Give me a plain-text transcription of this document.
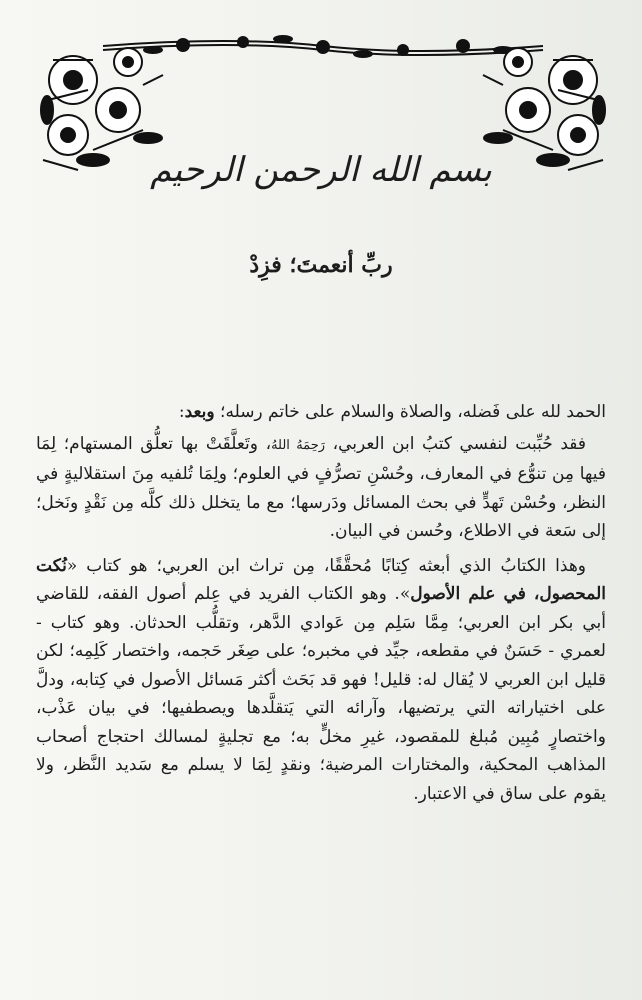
بسم الله الرحمن الرحيم
ربِّ أنعمتَ؛ فزِدْ

الحمد لله على فَضله، والصلاة والسلام على خاتم رسله؛ وبعد:

فقد حُبِّبت لنفسي كتبُ ابن العربي، رَحِمَهُ اللهُ، وتَعلَّقَتْ بها تعلُّق المستهام؛ لِمَا فيها مِن تنوُّع في المعارف، وحُسْنِ تصرُّفٍ في العلوم؛ ولِمَا تُلفيه مِنَ استقلاليةٍ في النظر، وحُسْن تَهدٍّ في بحث المسائل ودَرسها؛ مع ما يتخلل ذلك كلَّه مِن نَقْدٍ ونَخل؛ إلى سَعة في الاطلاع، وحُسن في البيان.

وهذا الكتابُ الذي أبعثه كِتابًا مُحقَّقًا، مِن تراث ابن العربي؛ هو كتاب «نُكت المحصول، في علم الأصول». وهو الكتاب الفريد في عِلم أصول الفقه، للقاضي أبي بكر ابن العربي؛ مِمَّا سَلِم مِن عَوادي الدَّهر، وتقلُّب الحدثان. وهو كتاب - لعمري - حَسَنٌ في مقطعه، جيِّد في مخبره؛ على صِغَر حَجمه، واختصار كَلِمِه؛ لكن قليل ابن العربي لا يُقال له: قليل! فهو قد بَحَث أكثر مَسائل الأصول في كِتابه، ودلَّ على اختياراته التي يرتضيها، وآرائه التي يَتقلَّدها ويصطفيها؛ في بيان عَذْب، واختصارٍ مُبِين مُبلغ للمقصود، غيرِ مخلٍّ به؛ مع تجليةٍ لمسالك احتجاج أصحاب المذاهب المحكية، والمختارات المرضية؛ ونقدٍ لِمَا لا يسلم مع سَديد النَّظر، ولا يقوم على ساق في الاعتبار.
